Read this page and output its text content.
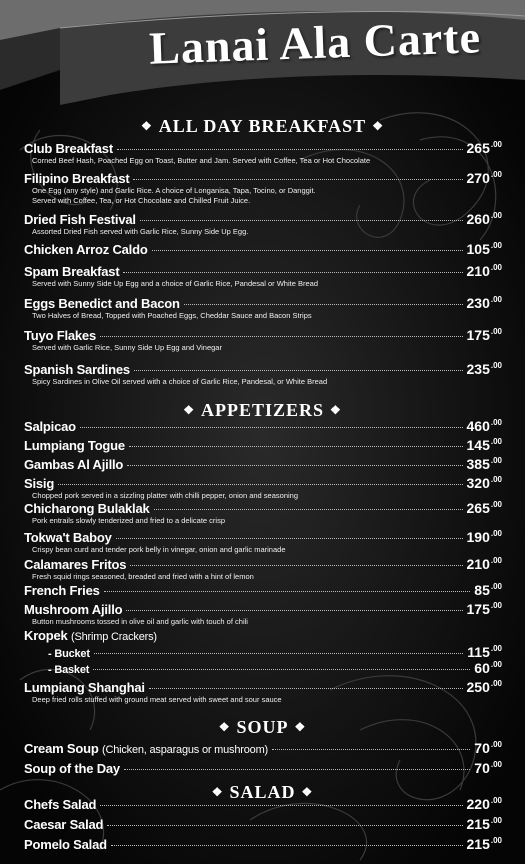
Lanai Ala Carte
❖ ALL DAY BREAKFAST ❖
Club Breakfast	$265^{.00}$
Corned Beef Hash, Poached Egg on Toast, Butter and Jam. Served with Coffee, Tea or Hot Chocolate
Filipino Breakfast	$270^{.00}$
One Egg (any style) and Garlic Rice. A choice of Longanisa, Tapa, Tocino, or Danggit.
Served with Coffee, Tea, or Hot Chocolate and Chilled Fruit Juice.
Dried Fish Festival	$260^{.00}$
Assorted Dried Fish served with Garlic Rice, Sunny Side Up Egg.
Chicken Arroz Caldo	$105^{.00}$
Spam Breakfast	$210^{.00}$
Served with Sunny Side Up Egg and a choice of Garlic Rice, Pandesal or White Bread
Eggs Benedict and Bacon	$230^{.00}$
Two Halves of Bread, Topped with Poached Eggs, Cheddar Sauce and Bacon Strips
Tuyo Flakes	$175^{.00}$
Served with Garlic Rice, Sunny Side Up Egg and Vinegar
Spanish Sardines	$235^{.00}$
Spicy Sardines in Olive Oil served with a choice of Garlic Rice, Pandesal, or White Bread
❖ APPETIZERS ❖
Salpicao	$460^{.00}$
Lumpiang Togue	$145^{.00}$
Gambas Al Ajillo	$385^{.00}$
Sisig	$320^{.00}$
Chopped pork served in a sizzling platter with chilli pepper, onion and seasoning
Chicharong Bulaklak	$265^{.00}$
Pork entrails slowly tenderized and fried to a delicate crisp
Tokwa't Baboy	$190^{.00}$
Crispy bean curd and tender pork belly in vinegar, onion and garlic marinade
Calamares Fritos	$210^{.00}$
Fresh squid rings seasoned, breaded and fried with a hint of lemon
French Fries	$85^{.00}$
Mushroom Ajillo	$175^{.00}$
Button mushrooms tossed in olive oil and garlic with touch of chili
Kropek (Shrimp Crackers)
- Bucket	$115^{.00}$
- Basket	$60^{.00}$
Lumpiang Shanghai	$250^{.00}$
Deep fried rolls stuffed with ground meat served with sweet and sour sauce
❖ SOUP ❖
Cream Soup (Chicken, asparagus or mushroom)	$70^{.00}$
Soup of the Day	$70^{.00}$
❖ SALAD ❖
Chefs Salad	$220^{.00}$
Caesar Salad	$215^{.00}$
Pomelo Salad	$215^{.00}$
